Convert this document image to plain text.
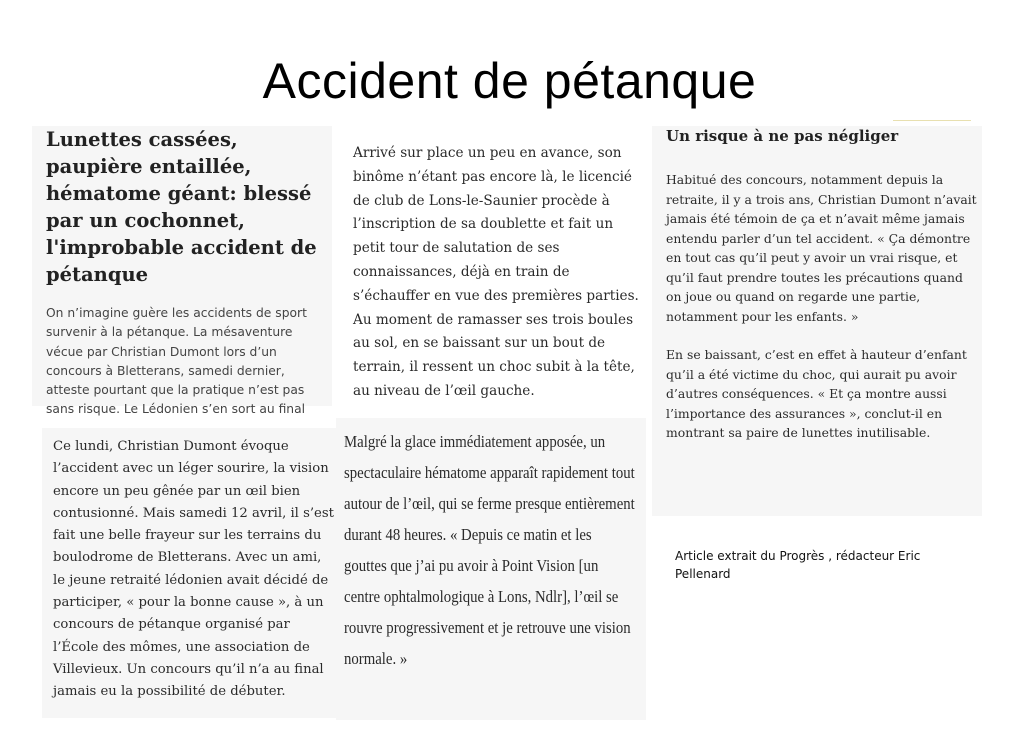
Accident de pétanque

Lunettes cassées, paupière entaillée, hématome géant: blessé par un cochonnet, l'improbable accident de pétanque

On n’imagine guère les accidents de sport survenir à la pétanque. La mésaventure vécue par Christian Dumont lors d’un concours à Bletterans, samedi dernier, atteste pourtant que la pratique n’est pas sans risque. Le Lédonien s’en sort au final

Ce lundi, Christian Dumont évoque l’accident avec un léger sourire, la vision encore un peu gênée par un œil bien contusionné. Mais samedi 12 avril, il s’est fait une belle frayeur sur les terrains du boulodrome de Bletterans. Avec un ami, le jeune retraité lédonien avait décidé de participer, « pour la bonne cause », à un concours de pétanque organisé par l’École des mômes, une association de Villevieux. Un concours qu’il n’a au final jamais eu la possibilité de débuter.

Arrivé sur place un peu en avance, son binôme n’étant pas encore là, le licencié de club de Lons-le-Saunier procède à l’inscription de sa doublette et fait un petit tour de salutation de ses connaissances, déjà en train de s’échauffer en vue des premières parties. Au moment de ramasser ses trois boules au sol, en se baissant sur un bout de terrain, il ressent un choc subit à la tête, au niveau de l’œil gauche.

Malgré la glace immédiatement apposée, un spectaculaire hématome apparaît rapidement tout autour de l’œil, qui se ferme presque entièrement durant 48 heures. « Depuis ce matin et les gouttes que j’ai pu avoir à Point Vision [un centre ophtalmologique à Lons, Ndlr], l’œil se rouvre progressivement et je retrouve une vision normale. »

Un risque à ne pas négliger

Habitué des concours, notamment depuis la retraite, il y a trois ans, Christian Dumont n’avait jamais été témoin de ça et n’avait même jamais entendu parler d’un tel accident. « Ça démontre en tout cas qu’il peut y avoir un vrai risque, et qu’il faut prendre toutes les précautions quand on joue ou quand on regarde une partie, notamment pour les enfants. »

En se baissant, c’est en effet à hauteur d’enfant qu’il a été victime du choc, qui aurait pu avoir d’autres conséquences. « Et ça montre aussi l’importance des assurances », conclut-il en montrant sa paire de lunettes inutilisable.

Article extrait du Progrès , rédacteur Eric Pellenard
